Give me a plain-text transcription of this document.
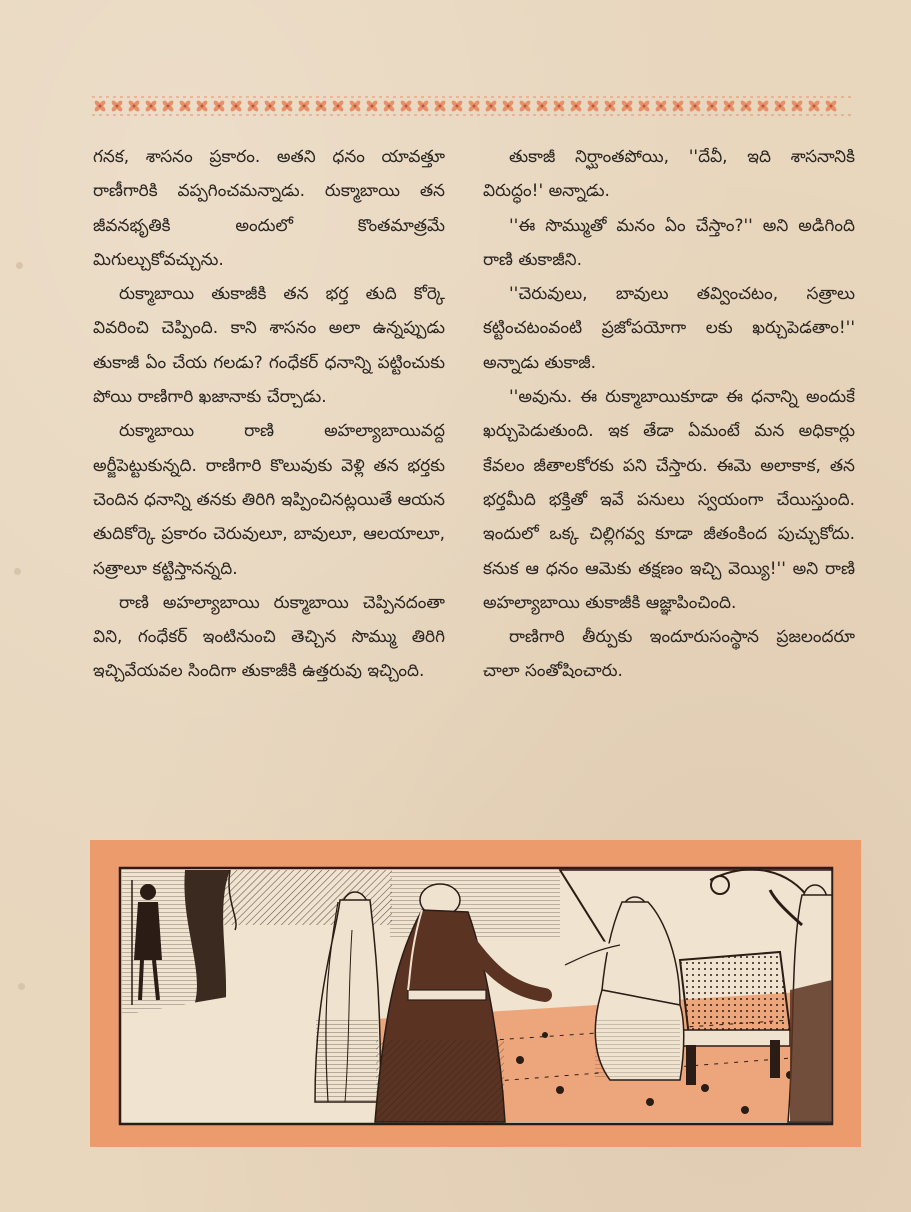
గనక, శాసనం ప్రకారం. అతని ధనం యావత్తూ రాణీగారికి వప్పగించమన్నాడు. రుక్మాబాయి తన జీవనభృతికి అందులో కొంతమాత్రమే మిగుల్చుకోవచ్చును.

రుక్మాబాయి తుకాజీకి తన భర్త తుది కోర్కె వివరించి చెప్పింది. కాని శాసనం అలా ఉన్నప్పుడు తుకాజీ ఏం చేయ గలడు? గంధేకర్ ధనాన్ని పట్టించుకు పోయి రాణిగారి ఖజానాకు చేర్చాడు.

రుక్మాబాయి రాణి అహల్యాబాయివద్ద అర్జీపెట్టుకున్నది. రాణిగారి కొలువుకు వెళ్లి తన భర్తకు చెందిన ధనాన్ని తనకు తిరిగి ఇప్పించినట్లయితే ఆయన తుదికోర్కె ప్రకారం చెరువులూ, బావులూ, ఆలయాలూ, సత్రాలూ కట్టిస్తానన్నది.

రాణి అహల్యాబాయి రుక్మాబాయి చెప్పినదంతా విని, గంధేకర్ ఇంటినుంచి తెచ్చిన సొమ్ము తిరిగి ఇచ్చివేయవల సిందిగా తుకాజీకి ఉత్తరువు ఇచ్చింది.

తుకాజీ నిర్ఘాంతపోయి, ''దేవీ, ఇది శాసనానికి విరుద్ధం!' అన్నాడు.

''ఈ సొమ్ముతో మనం ఏం చేస్తాం?'' అని అడిగింది రాణి తుకాజీని.

''చెరువులు, బావులు తవ్వించటం, సత్రాలు కట్టించటంవంటి ప్రజోపయోగా లకు ఖర్చుపెడతాం!'' అన్నాడు తుకాజీ.

''అవును. ఈ రుక్మాబాయికూడా ఈ ధనాన్ని అందుకే ఖర్చుపెడుతుంది. ఇక తేడా ఏమంటే మన అధికార్లు కేవలం జీతాలకోరకు పని చేస్తారు. ఈమె అలాకాక, తన భర్తమీది భక్తితో ఇవే పనులు స్వయంగా చేయిస్తుంది. ఇందులో ఒక్క చిల్లిగవ్వ కూడా జీతంకింద పుచ్చుకోదు. కనుక ఆ ధనం ఆమెకు తక్షణం ఇచ్చి వెయ్యి!'' అని రాణి అహల్యాబాయి తుకాజీకి ఆజ్ఞాపించింది.

రాణిగారి తీర్పుకు ఇందూరుసంస్థాన ప్రజలందరూ చాలా సంతోషించారు.
